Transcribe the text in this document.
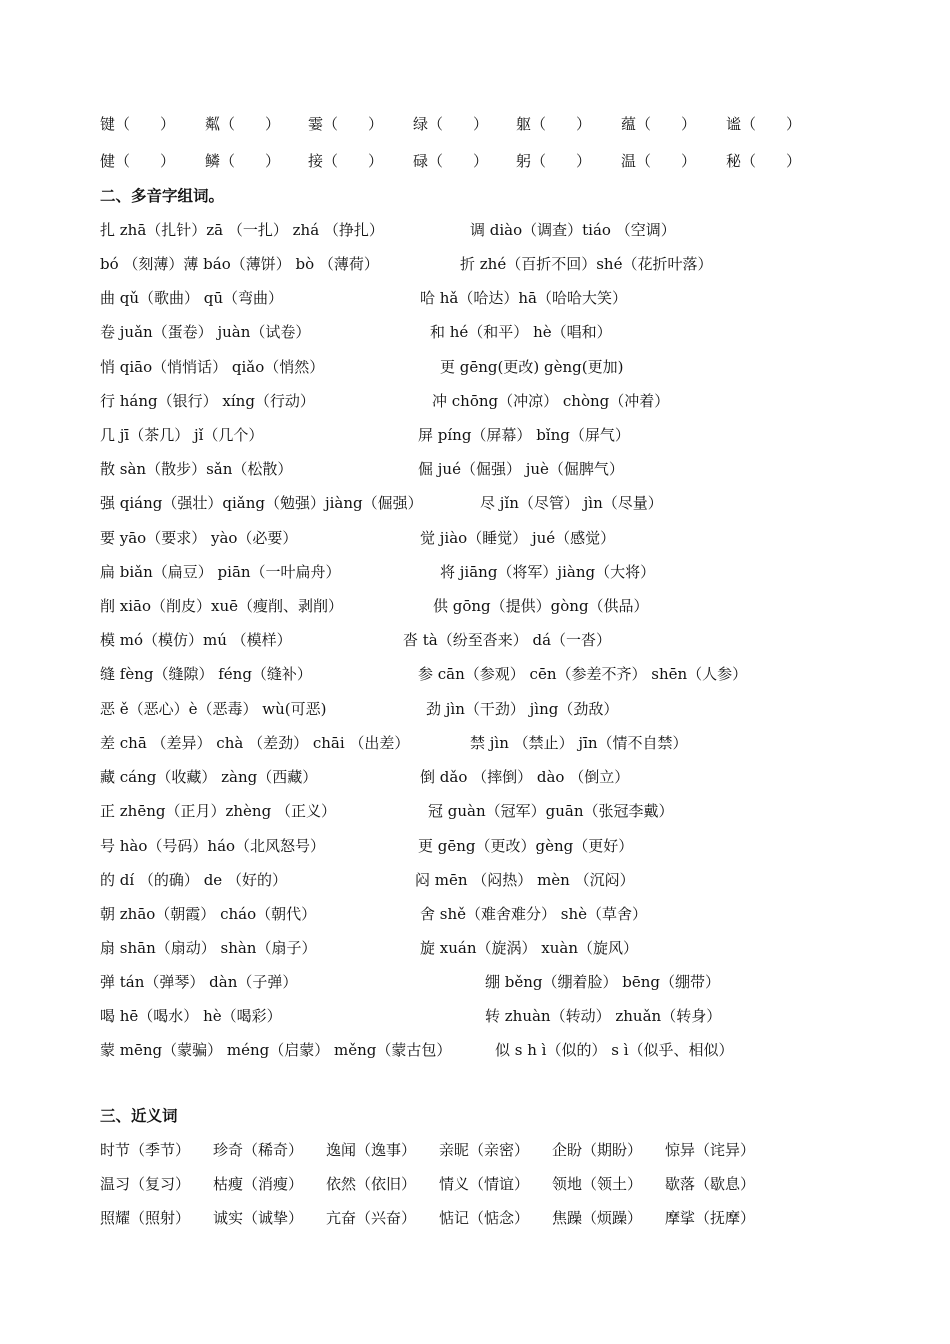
键（　　）	粼（　　）	霎（　　）	绿（　　）	躯（　　）	蕴（　　）	谧（　　）
健（　　）	鳞（　　）	接（　　）	碌（　　）	躬（　　）	温（　　）	秘（　　）
二、多音字组词。
扎 zhā（扎针）zā （一扎） zhá （挣扎）	调 diào（调查）tiáo （空调）
bó （刻薄）薄 báo（薄饼） bò （薄荷）	折 zhé（百折不回）shé（花折叶落）
曲 qǔ（歌曲） qū（弯曲）	哈 hǎ（哈达）hā（哈哈大笑）
卷 juǎn（蛋卷） juàn（试卷）	和 hé（和平） hè（唱和）
悄 qiāo（悄悄话） qiǎo（悄然）	更 gēng(更改) gèng(更加)
行 háng（银行） xíng（行动）	冲 chōng（冲凉） chòng（冲着）
几 jī（茶几） jǐ（几个）	屏 píng（屏幕） bǐng（屏气）
散 sàn（散步）sǎn（松散）	倔 jué（倔强） juè（倔脾气）
强 qiáng（强壮）qiǎng（勉强）jiàng（倔强）	尽 jǐn（尽管） jìn（尽量）
要 yāo（要求） yào（必要）	觉 jiào（睡觉） jué（感觉）
扁 biǎn（扁豆） piān（一叶扁舟）	将 jiāng（将军）jiàng（大将）
削 xiāo（削皮）xuē（瘦削、剥削）	供 gōng（提供）gòng（供品）
模 mó（模仿）mú （模样）	沓 tà（纷至沓来） dá（一沓）
缝 fèng（缝隙） féng（缝补）	参 cān（参观） cēn（参差不齐） shēn（人参）
恶 ě（恶心）è（恶毒） wù(可恶)	劲 jìn（干劲） jìng（劲敌）
差 chā （差异） chà （差劲） chāi （出差）	禁 jìn （禁止） jīn（情不自禁）
藏 cáng（收藏） zàng（西藏）	倒 dǎo （摔倒） dào （倒立）
正 zhēng（正月）zhèng （正义）	冠 guàn（冠军）guān（张冠李戴）
号 hào（号码）háo（北风怒号）	更 gēng（更改）gèng（更好）
的 dí （的确） de （好的）	闷 mēn （闷热） mèn （沉闷）
朝 zhāo（朝霞） cháo（朝代）	舍 shě（难舍难分） shè（草舍）
扇 shān（扇动） shàn（扇子）	旋 xuán（旋涡） xuàn（旋风）
弹 tán（弹琴） dàn（子弹）	绷 běng（绷着脸） bēng（绷带）
喝 hē（喝水） hè（喝彩）	转 zhuàn（转动） zhuǎn（转身）
蒙 mēng（蒙骗） méng（启蒙） měng（蒙古包）	似 s h ì（似的） s ì（似乎、相似）
三、近义词
时节（季节）	珍奇（稀奇）	逸闻（逸事）	亲昵（亲密）	企盼（期盼）	惊异（诧异）
温习（复习）	枯瘦（消瘦）	依然（依旧）	情义（情谊）	领地（领土）	歇落（歇息）
照耀（照射）	诚实（诚挚）	亢奋（兴奋）	惦记（惦念）	焦躁（烦躁）	摩挲（抚摩）
